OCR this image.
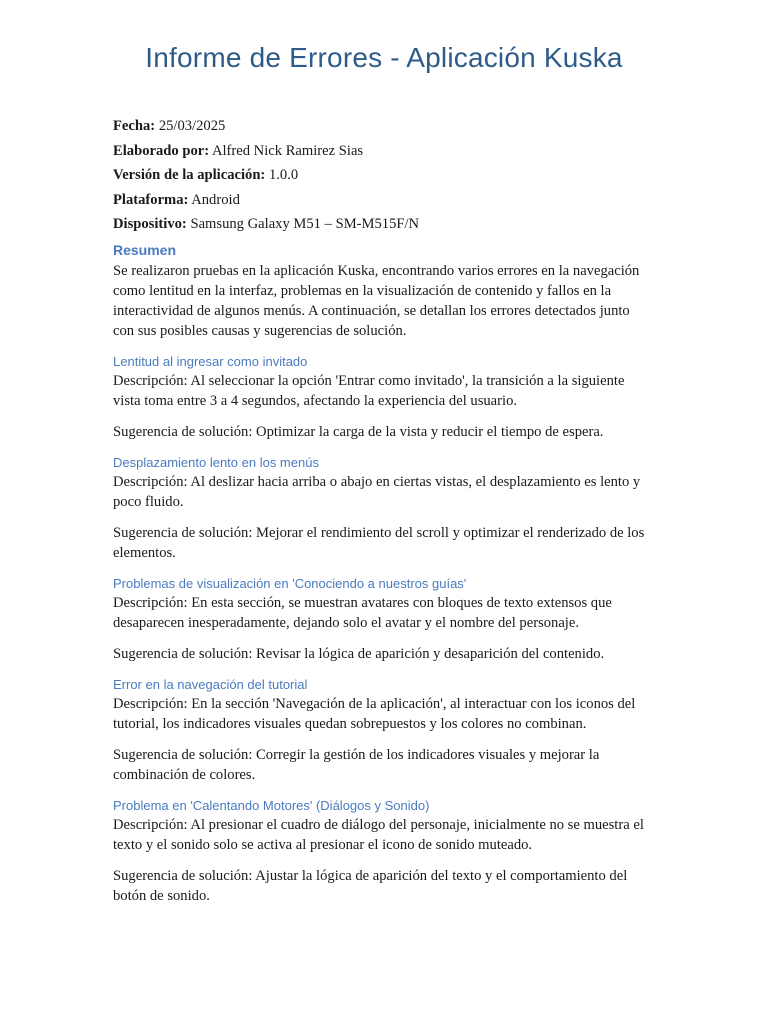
Informe de Errores - Aplicación Kuska
Fecha: 25/03/2025
Elaborado por: Alfred Nick Ramirez Sias
Versión de la aplicación: 1.0.0
Plataforma: Android
Dispositivo: Samsung Galaxy M51 – SM-M515F/N
Resumen

Se realizaron pruebas en la aplicación Kuska, encontrando varios errores en la navegación como lentitud en la interfaz, problemas en la visualización de contenido y fallos en la interactividad de algunos menús. A continuación, se detallan los errores detectados junto con sus posibles causas y sugerencias de solución.

Lentitud al ingresar como invitado

Descripción: Al seleccionar la opción 'Entrar como invitado', la transición a la siguiente vista toma entre 3 a 4 segundos, afectando la experiencia del usuario.

Sugerencia de solución: Optimizar la carga de la vista y reducir el tiempo de espera.

Desplazamiento lento en los menús

Descripción: Al deslizar hacia arriba o abajo en ciertas vistas, el desplazamiento es lento y poco fluido.

Sugerencia de solución: Mejorar el rendimiento del scroll y optimizar el renderizado de los elementos.

Problemas de visualización en 'Conociendo a nuestros guías'

Descripción: En esta sección, se muestran avatares con bloques de texto extensos que desaparecen inesperadamente, dejando solo el avatar y el nombre del personaje.

Sugerencia de solución: Revisar la lógica de aparición y desaparición del contenido.

Error en la navegación del tutorial

Descripción: En la sección 'Navegación de la aplicación', al interactuar con los iconos del tutorial, los indicadores visuales quedan sobrepuestos y los colores no combinan.

Sugerencia de solución: Corregir la gestión de los indicadores visuales y mejorar la combinación de colores.

Problema en 'Calentando Motores' (Diálogos y Sonido)

Descripción: Al presionar el cuadro de diálogo del personaje, inicialmente no se muestra el texto y el sonido solo se activa al presionar el icono de sonido muteado.

Sugerencia de solución: Ajustar la lógica de aparición del texto y el comportamiento del botón de sonido.
